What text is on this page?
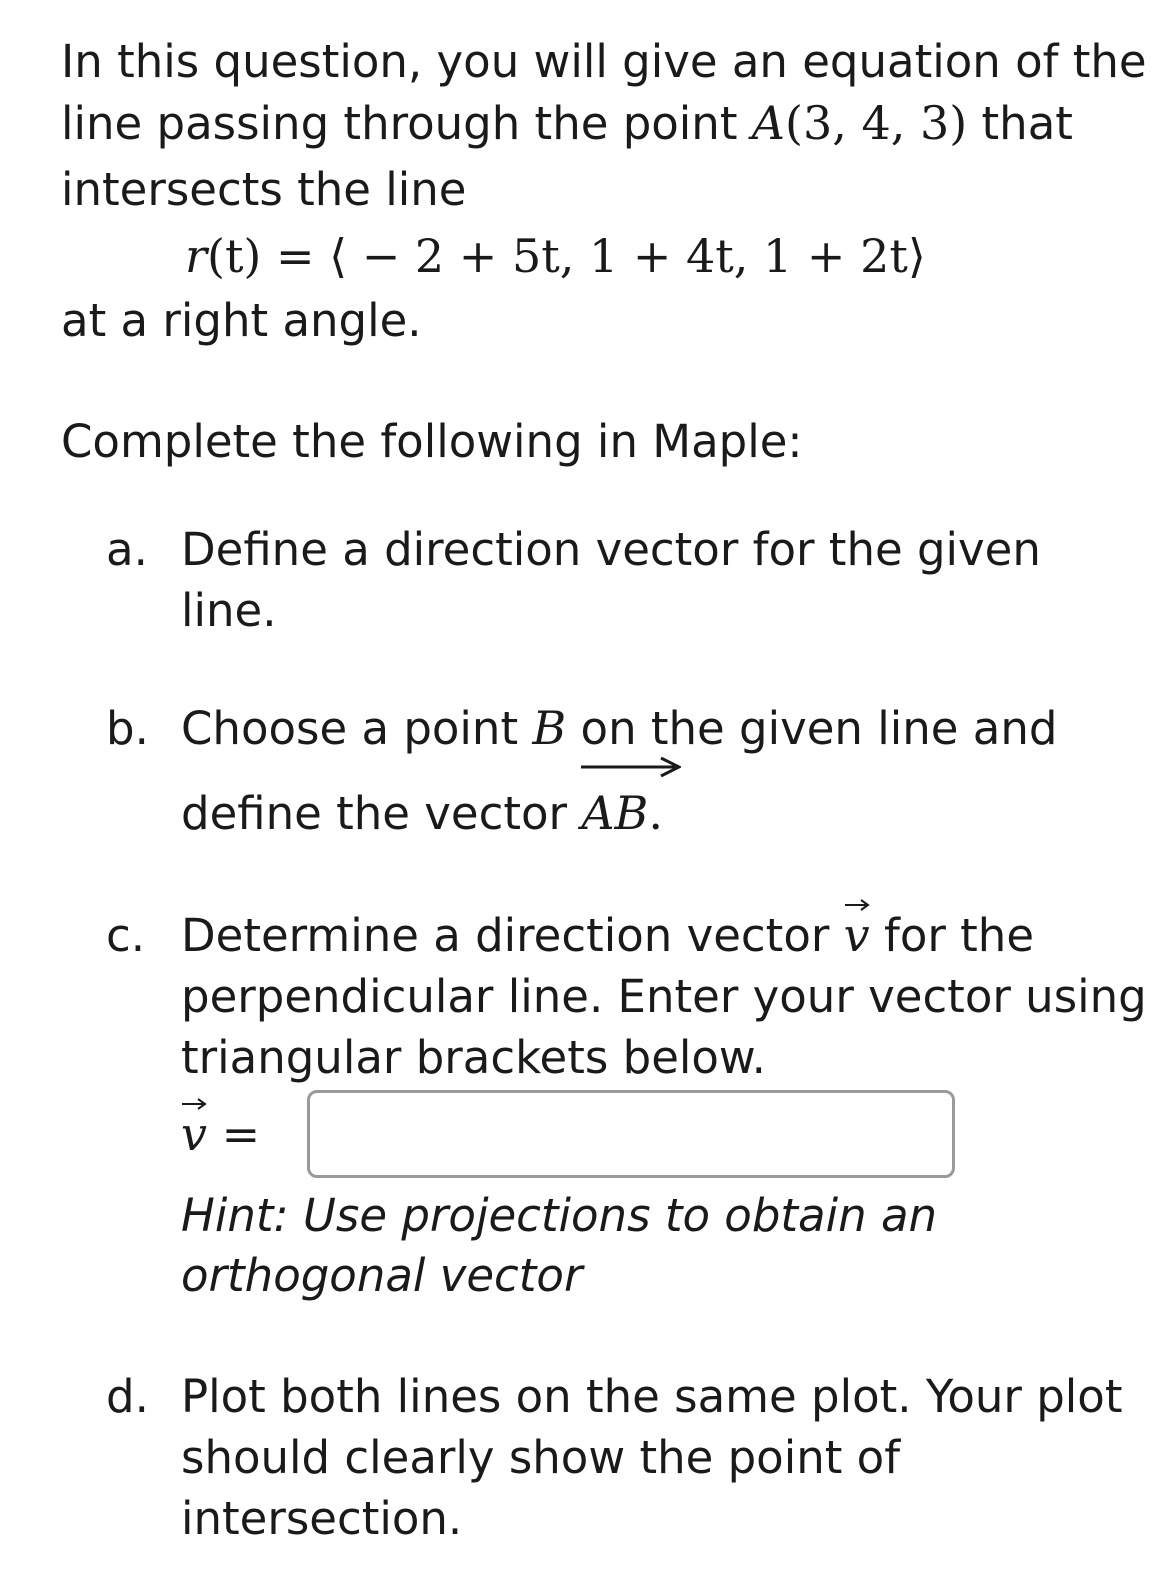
In this question, you will give an equation of the
line passing through the point A(3, 4, 3) that
intersects the line
r(t) = ⟨ − 2 + 5t, 1 + 4t, 1 + 2t⟩
at a right angle.
Complete the following in Maple:
a. Define a direction vector for the given
line.
b. Choose a point B on the given line and
define the vector AB.
c. Determine a direction vector v for the
perpendicular line. Enter your vector using
triangular brackets below.
v =
Hint: Use projections to obtain an
orthogonal vector
d. Plot both lines on the same plot. Your plot
should clearly show the point of
intersection.
